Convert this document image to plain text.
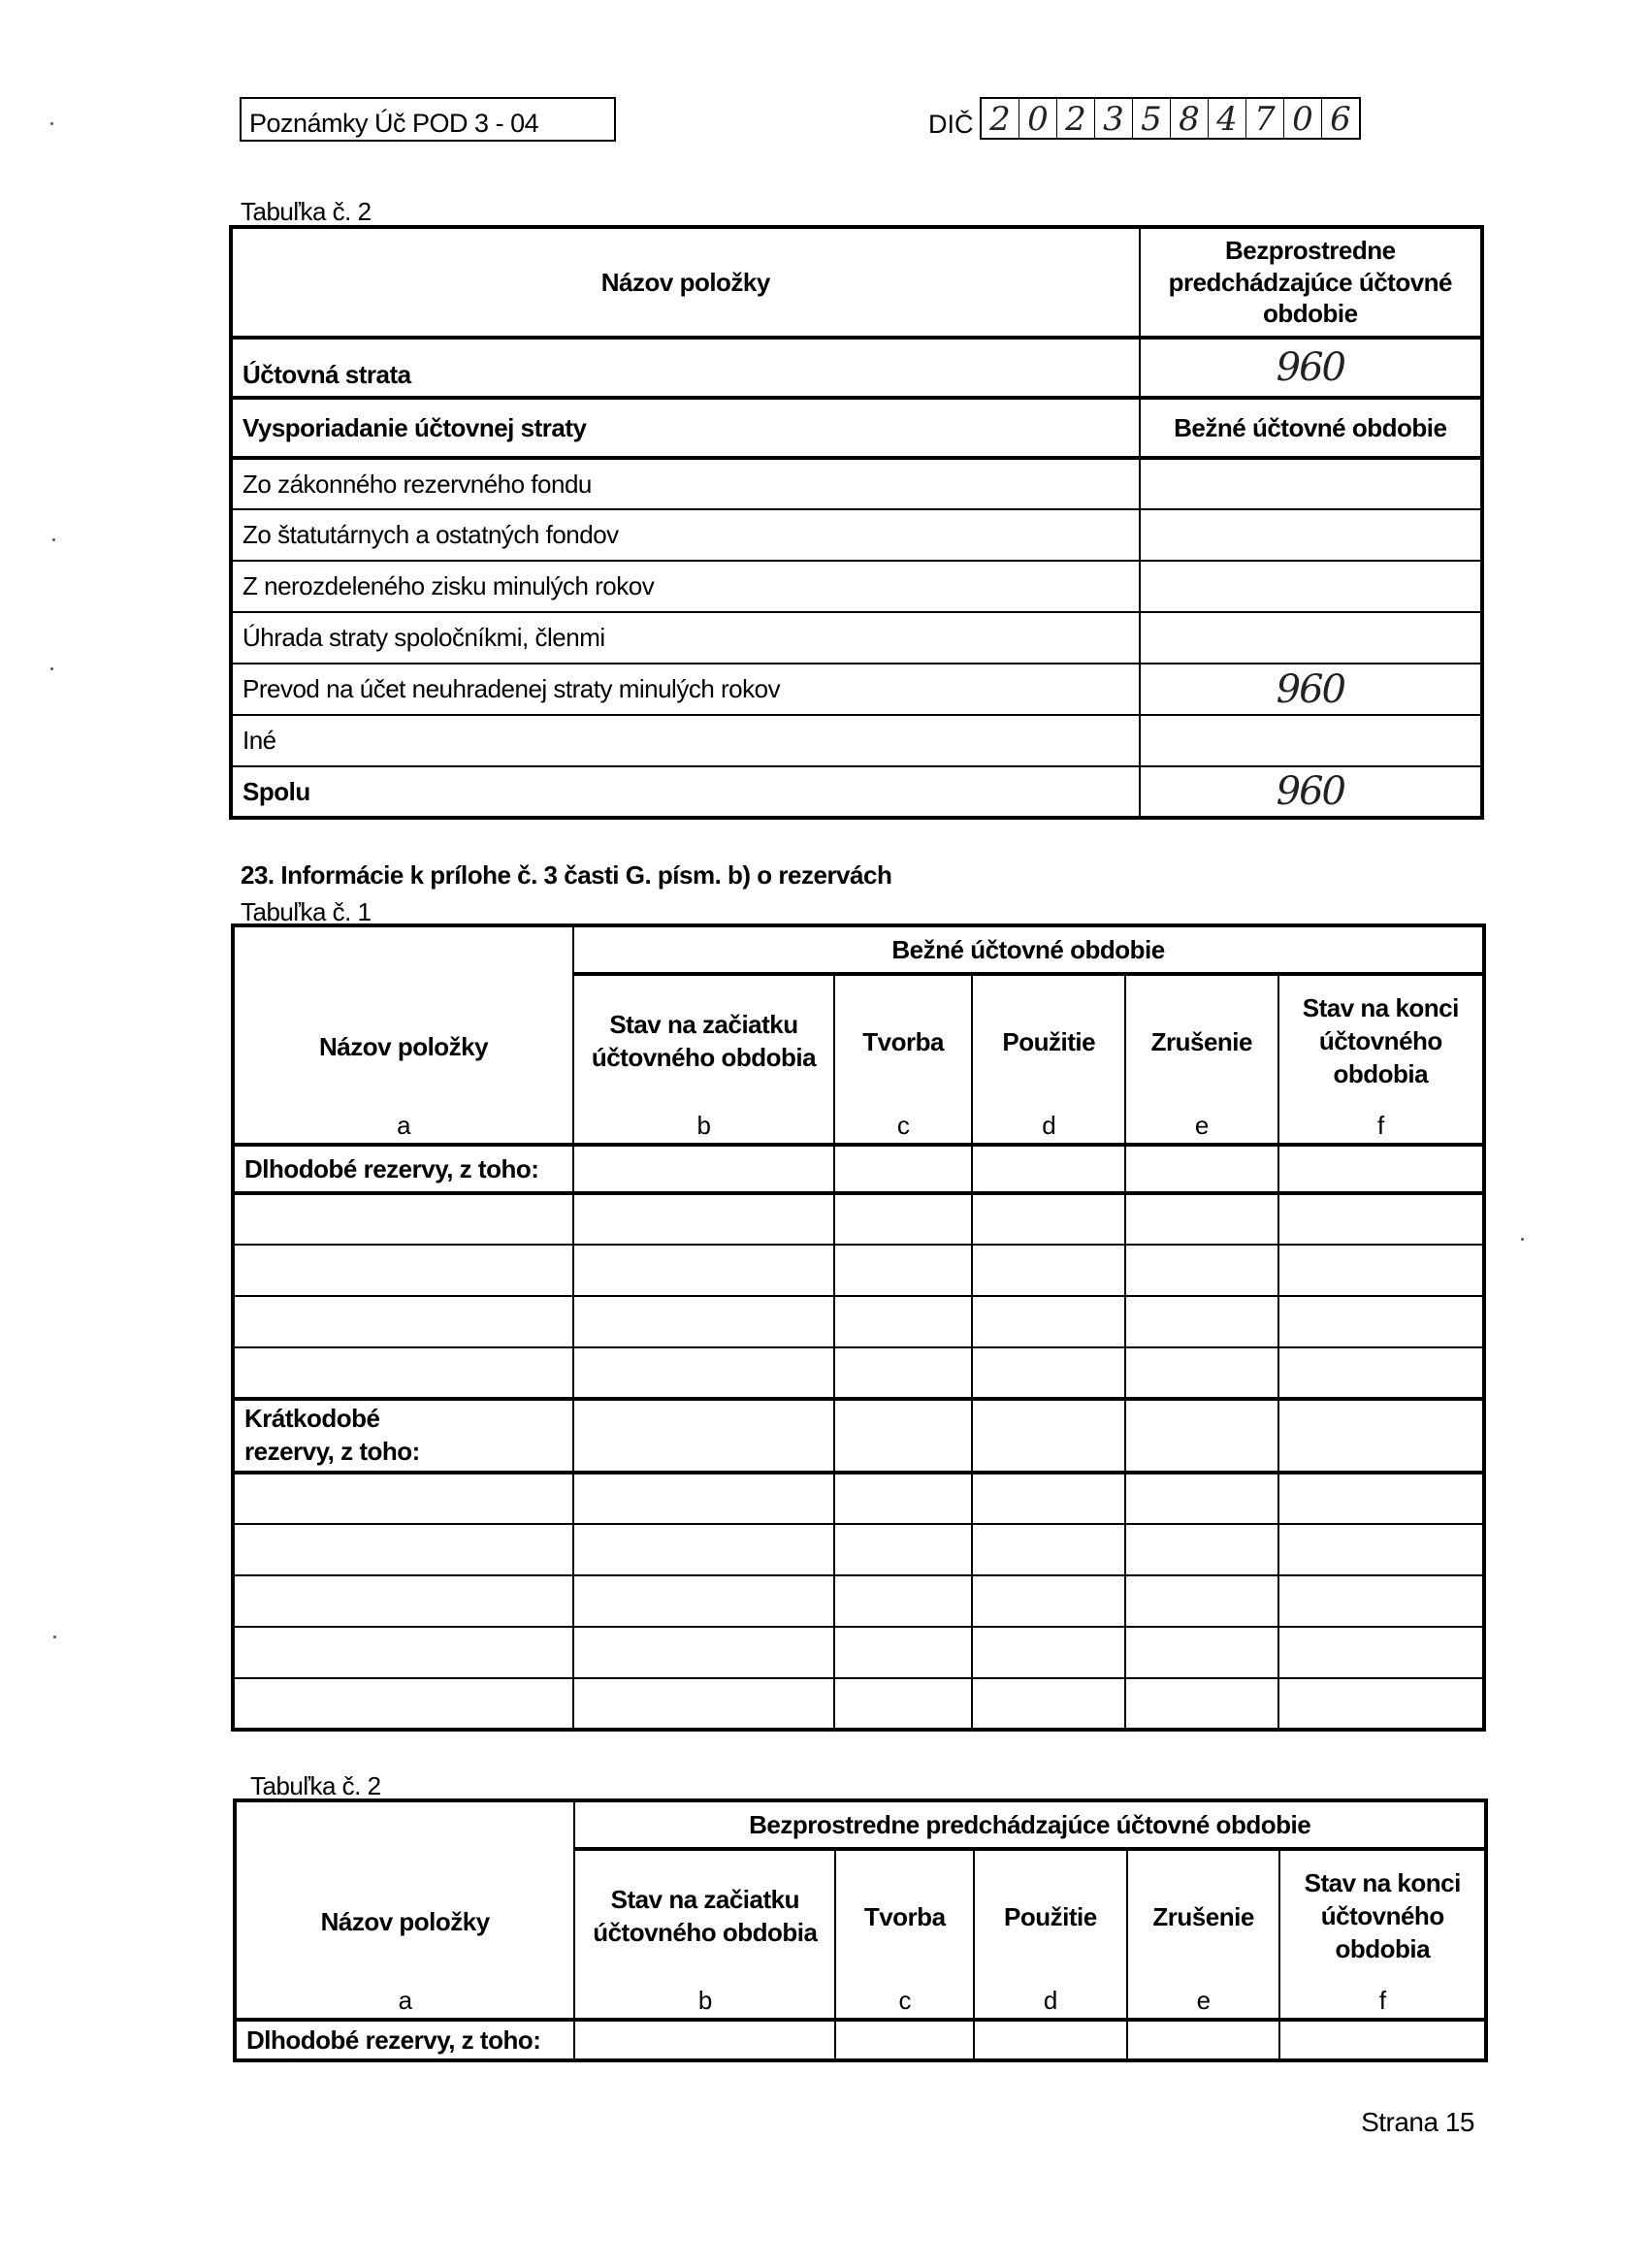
Poznámky Úč POD 3 - 04	DIČ 2 0 2 3 5 8 4 7 0 6
Tabuľka č. 2
Názov položky	Bezprostredne predchádzajúce účtovné obdobie
Účtovná strata	960
Vysporiadanie účtovnej straty	Bežné účtovné obdobie
Zo zákonného rezervného fondu	
Zo štatutárnych a ostatných fondov	
Z nerozdeleného zisku minulých rokov	
Úhrada straty spoločníkmi, členmi	
Prevod na účet neuhradenej straty minulých rokov	960
Iné	
Spolu	960
23. Informácie k prílohe č. 3 časti G. písm. b) o rezervách
Tabuľka č. 1
Názov položky	Bežné účtovné obdobie				
	Stav na začiatku účtovného obdobia	Tvorba	Použitie	Zrušenie	Stav na konci účtovného obdobia
a	b	c	d	e	f
Dlhodobé rezervy, z toho:					

Krátkodobé rezervy, z toho:					

Tabuľka č. 2
Názov položky	Bezprostredne predchádzajúce účtovné obdobie				
	Stav na začiatku účtovného obdobia	Tvorba	Použitie	Zrušenie	Stav na konci účtovného obdobia
a	b	c	d	e	f
Dlhodobé rezervy, z toho:					
Strana 15
